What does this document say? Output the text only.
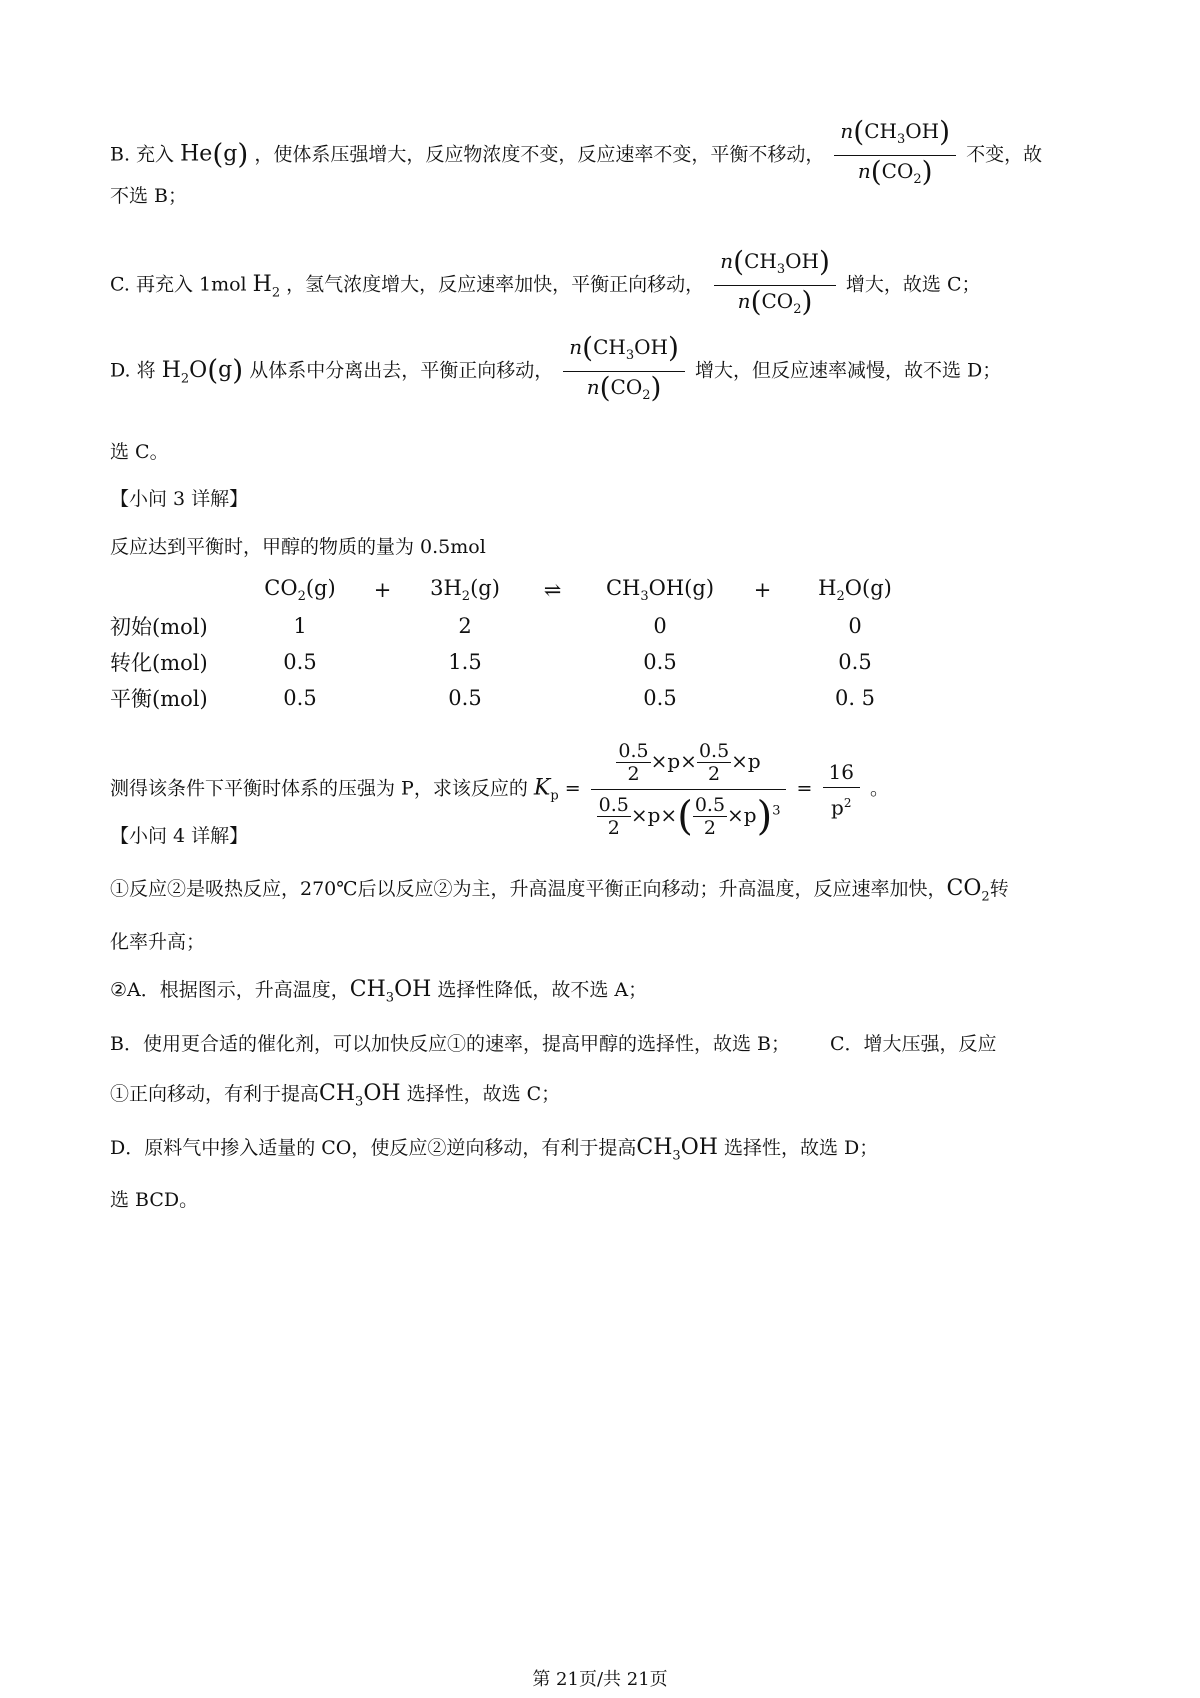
B. 充入 He(g) ，使体系压强增大，反应物浓度不变，反应速率不变，平衡不移动， $\frac{n(CH_3OH)}{n(CO_2)}$ 不变，故
不选 B；
C. 再充入 1mol $H_2$ ，氢气浓度增大，反应速率加快，平衡正向移动， $\frac{n(CH_3OH)}{n(CO_2)}$ 增大，故选 C；
D. 将 $H_2O(g)$ 从体系中分离出去，平衡正向移动， $\frac{n(CH_3OH)}{n(CO_2)}$ 增大，但反应速率减慢，故不选 D；
选 C。
【小问 3 详解】
反应达到平衡时，甲醇的物质的量为 0.5mol
	$CO_2(g)$	+	$3H_2(g)$	⇌	$CH_3OH(g)$	+	$H_2O(g)$
初始(mol)	1		2		0		0
转化(mol)	0.5		1.5		0.5		0.5
平衡(mol)	0.5		0.5		0.5		0. 5
测得该条件下平衡时体系的压强为 P，求该反应的 $K_p = \frac{\frac{0.5}{2} \times p\times \frac{0.5}{2} \times p}{\frac{0.5}{2} \times p\times( \frac{0.5}{2} \times p)^3} = \frac{16}{p^2}$ 。
【小问 4 详解】
①反应②是吸热反应，270℃后以反应②为主，升高温度平衡正向移动；升高温度，反应速率加快，$CO_2$转
化率升高；
②A．根据图示，升高温度，$CH_3OH$ 选择性降低，故不选 A；
B．使用更合适的催化剂，可以加快反应①的速率，提高甲醇的选择性，故选 B； C．增大压强，反应
①正向移动，有利于提高$CH_3OH$ 选择性，故选 C；
D．原料气中掺入适量的 CO，使反应②逆向移动，有利于提高$CH_3OH$ 选择性，故选 D；
选 BCD。
第 21页/共 21页
